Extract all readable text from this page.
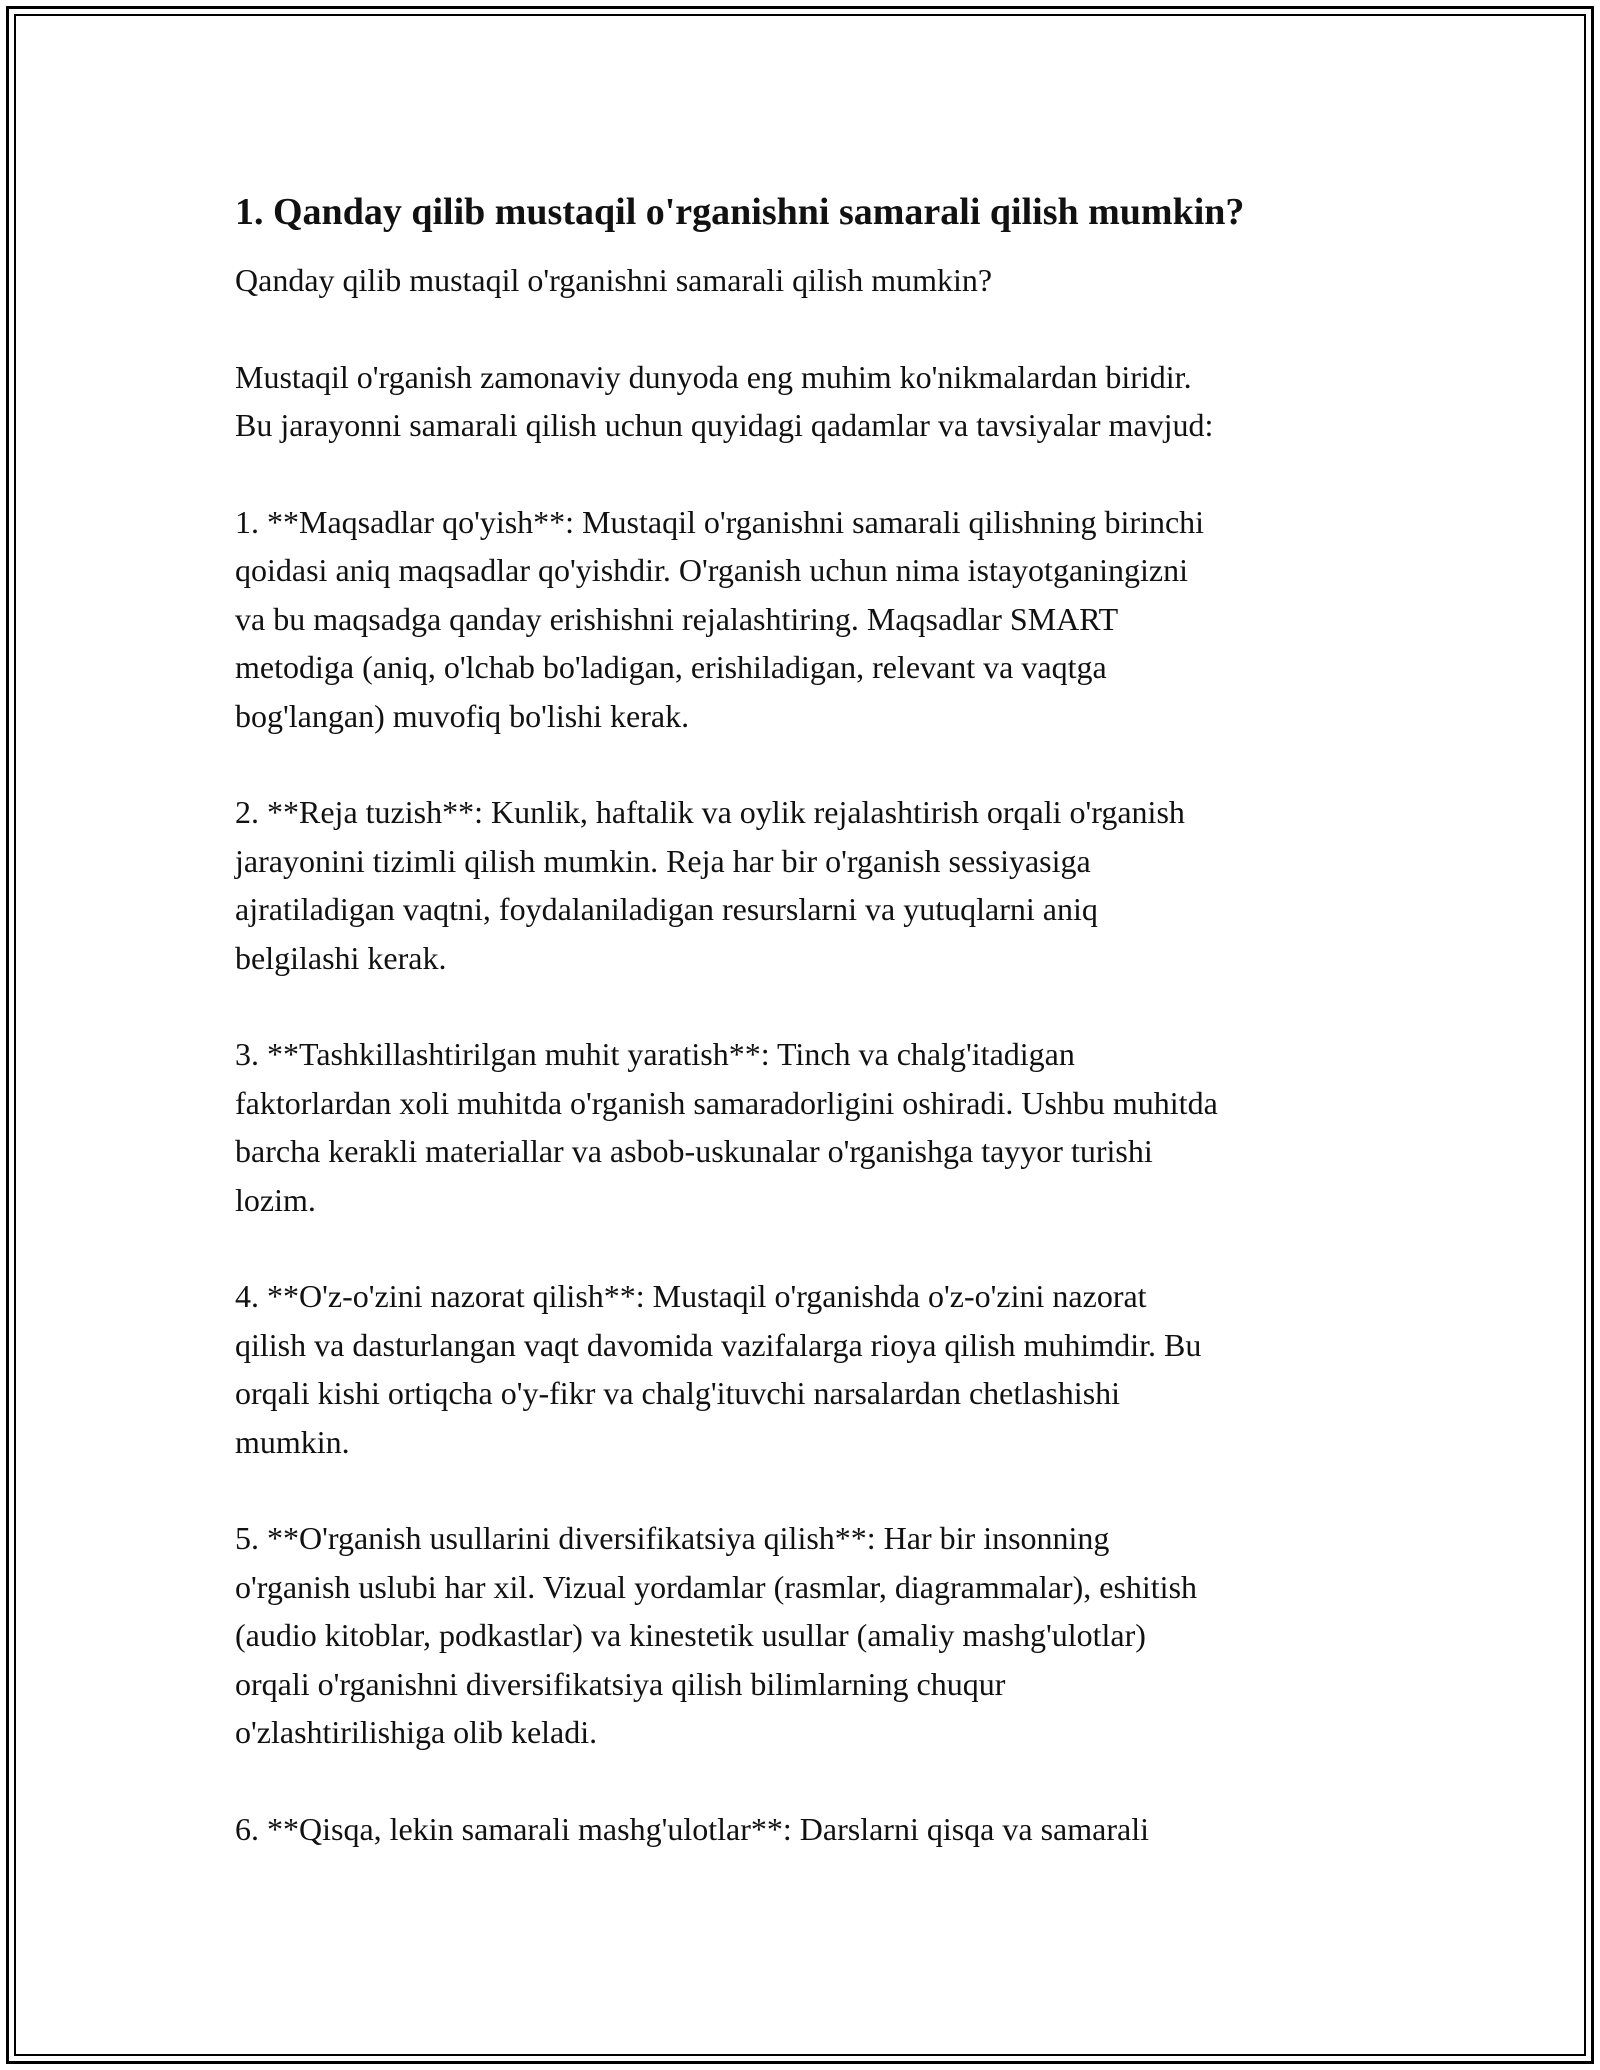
1. Qanday qilib mustaqil o'rganishni samarali qilish mumkin?

Qanday qilib mustaqil o'rganishni samarali qilish mumkin?

Mustaqil o'rganish zamonaviy dunyoda eng muhim ko'nikmalardan biridir.
Bu jarayonni samarali qilish uchun quyidagi qadamlar va tavsiyalar mavjud:

1. **Maqsadlar qo'yish**: Mustaqil o'rganishni samarali qilishning birinchi
qoidasi aniq maqsadlar qo'yishdir. O'rganish uchun nima istayotganingizni
va bu maqsadga qanday erishishni rejalashtiring. Maqsadlar SMART
metodiga (aniq, o'lchab bo'ladigan, erishiladigan, relevant va vaqtga
bog'langan) muvofiq bo'lishi kerak.

2. **Reja tuzish**: Kunlik, haftalik va oylik rejalashtirish orqali o'rganish
jarayonini tizimli qilish mumkin. Reja har bir o'rganish sessiyasiga
ajratiladigan vaqtni, foydalaniladigan resurslarni va yutuqlarni aniq
belgilashi kerak.

3. **Tashkillashtirilgan muhit yaratish**: Tinch va chalg'itadigan
faktorlardan xoli muhitda o'rganish samaradorligini oshiradi. Ushbu muhitda
barcha kerakli materiallar va asbob-uskunalar o'rganishga tayyor turishi
lozim.

4. **O'z-o'zini nazorat qilish**: Mustaqil o'rganishda o'z-o'zini nazorat
qilish va dasturlangan vaqt davomida vazifalarga rioya qilish muhimdir. Bu
orqali kishi ortiqcha o'y-fikr va chalg'ituvchi narsalardan chetlashishi
mumkin.

5. **O'rganish usullarini diversifikatsiya qilish**: Har bir insonning
o'rganish uslubi har xil. Vizual yordamlar (rasmlar, diagrammalar), eshitish
(audio kitoblar, podkastlar) va kinestetik usullar (amaliy mashg'ulotlar)
orqali o'rganishni diversifikatsiya qilish bilimlarning chuqur
o'zlashtirilishiga olib keladi.

6. **Qisqa, lekin samarali mashg'ulotlar**: Darslarni qisqa va samarali
